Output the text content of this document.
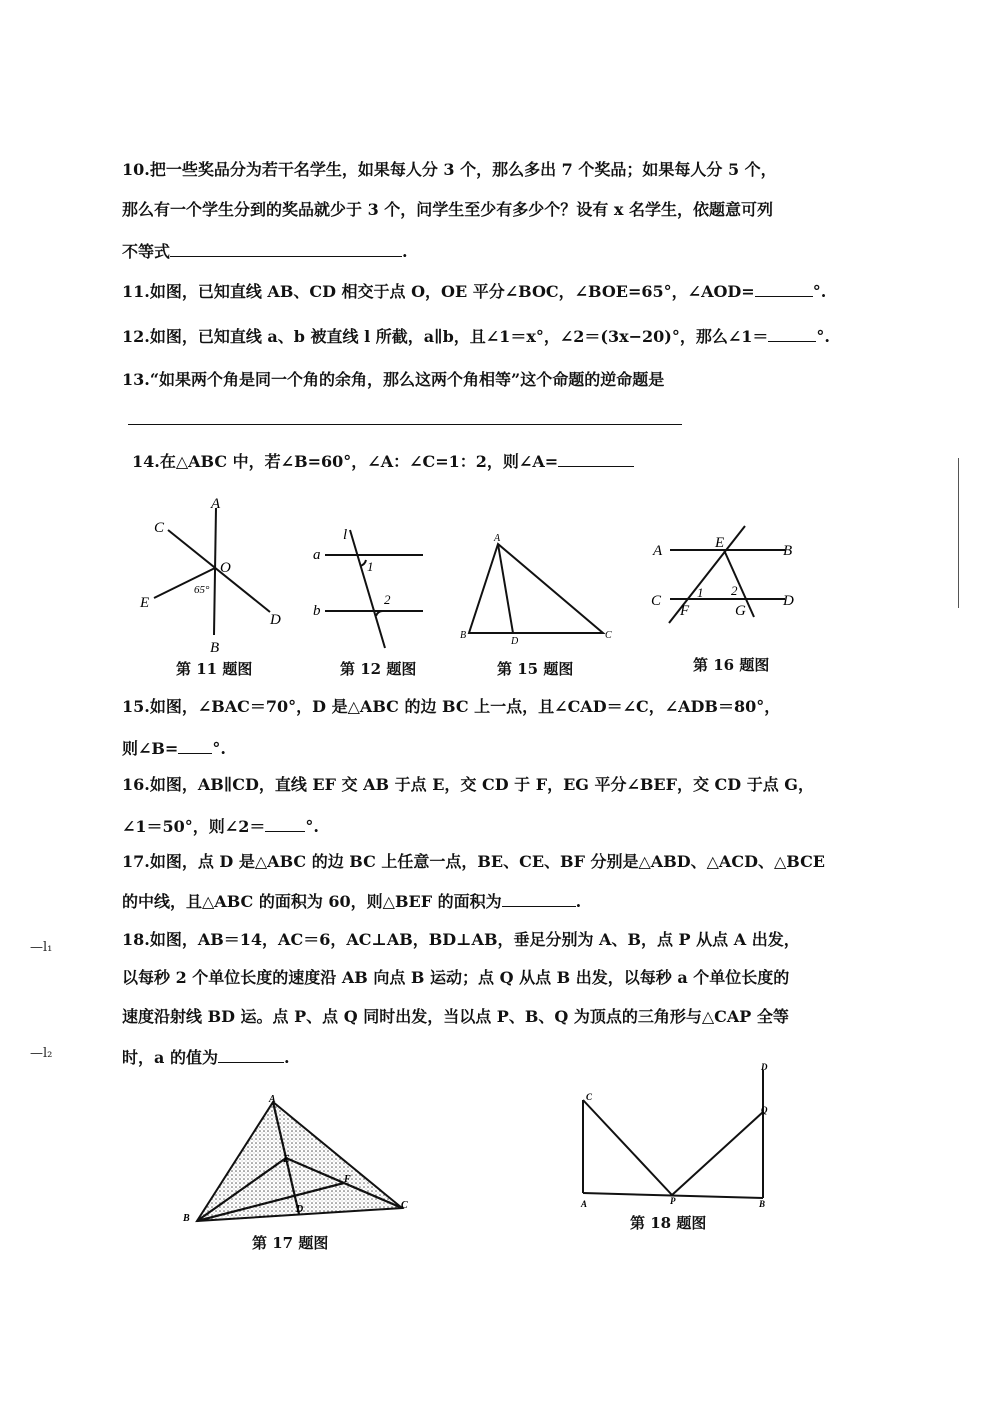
10.把一些奖品分为若干名学生，如果每人分 3 个，那么多出 7 个奖品；如果每人分 5 个，
那么有一个学生分到的奖品就少于 3 个，问学生至少有多少个？设有 x 名学生，依题意可列
不等式	.
11.如图，已知直线 AB、CD 相交于点 O，OE 平分∠BOC，∠BOE=65°，∠AOD=	°.
12.如图，已知直线 a、b 被直线 l 所截，a∥b，且∠1＝x°，∠2＝(3x−20)°，那么∠1＝	°.
13.“如果两个角是同一个角的余角，那么这两个角相等”这个命题的逆命题是
14.在△ABC 中，若∠B=60°，∠A：∠C=1：2，则∠A=
A
B
C
D
E
O
65°
l
a
b
1
2
A
B	C
D
A	B
C	D
E
F	G
1 2
第 11 题图	第 12 题图	第 15 题图	第 16 题图
15.如图，∠BAC＝70°，D 是△ABC 的边 BC 上一点，且∠CAD＝∠C，∠ADB＝80°，
则∠B= °.
16.如图，AB∥CD，直线 EF 交 AB 于点 E，交 CD 于 F，EG 平分∠BEF，交 CD 于点 G，
∠1＝50°，则∠2＝	°.
17.如图，点 D 是△ABC 的边 BC 上任意一点，BE、CE、BF 分别是△ABD、△ACD、△BCE
的中线，且△ABC 的面积为 60，则△BEF 的面积为	.
18.如图，AB＝14，AC＝6，AC⊥AB，BD⊥AB，垂足分别为 A、B，点 P 从点 A 出发，
以每秒 2 个单位长度的速度沿 AB 向点 B 运动；点 Q 从点 B 出发，以每秒 a 个单位长度的
速度沿射线 BD 运。点 P、点 Q 同时出发，当以点 P、B、Q 为顶点的三角形与△CAP 全等
时，a 的值为	.
—l₁
—l₂
A
B
C
D
E
F
第 17 题图
C
A	P	B
D
Q
第 18 题图
